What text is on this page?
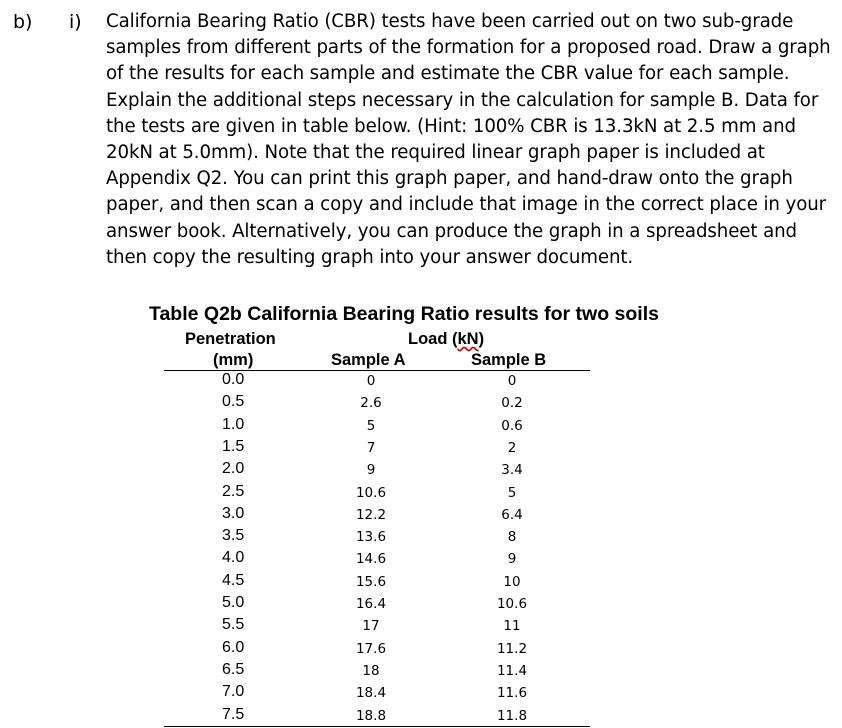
b) i) California Bearing Ratio (CBR) tests have been carried out on two sub-grade samples from different parts of the formation for a proposed road. Draw a graph of the results for each sample and estimate the CBR value for each sample. Explain the additional steps necessary in the calculation for sample B. Data for the tests are given in table below. (Hint: 100% CBR is 13.3kN at 2.5 mm and 20kN at 5.0mm). Note that the required linear graph paper is included at Appendix Q2. You can print this graph paper, and hand-draw onto the graph paper, and then scan a copy and include that image in the correct place in your answer book. Alternatively, you can produce the graph in a spreadsheet and then copy the resulting graph into your answer document.

Table Q2b California Bearing Ratio results for two soils
Penetration
(mm)
Load (kN)
Sample A	Sample B
0.0	0	0
0.5	2.6	0.2
1.0	5	0.6
1.5	7	2
2.0	9	3.4
2.5	10.6	5
3.0	12.2	6.4
3.5	13.6	8
4.0	14.6	9
4.5	15.6	10
5.0	16.4	10.6
5.5	17	11
6.0	17.6	11.2
6.5	18	11.4
7.0	18.4	11.6
7.5	18.8	11.8
